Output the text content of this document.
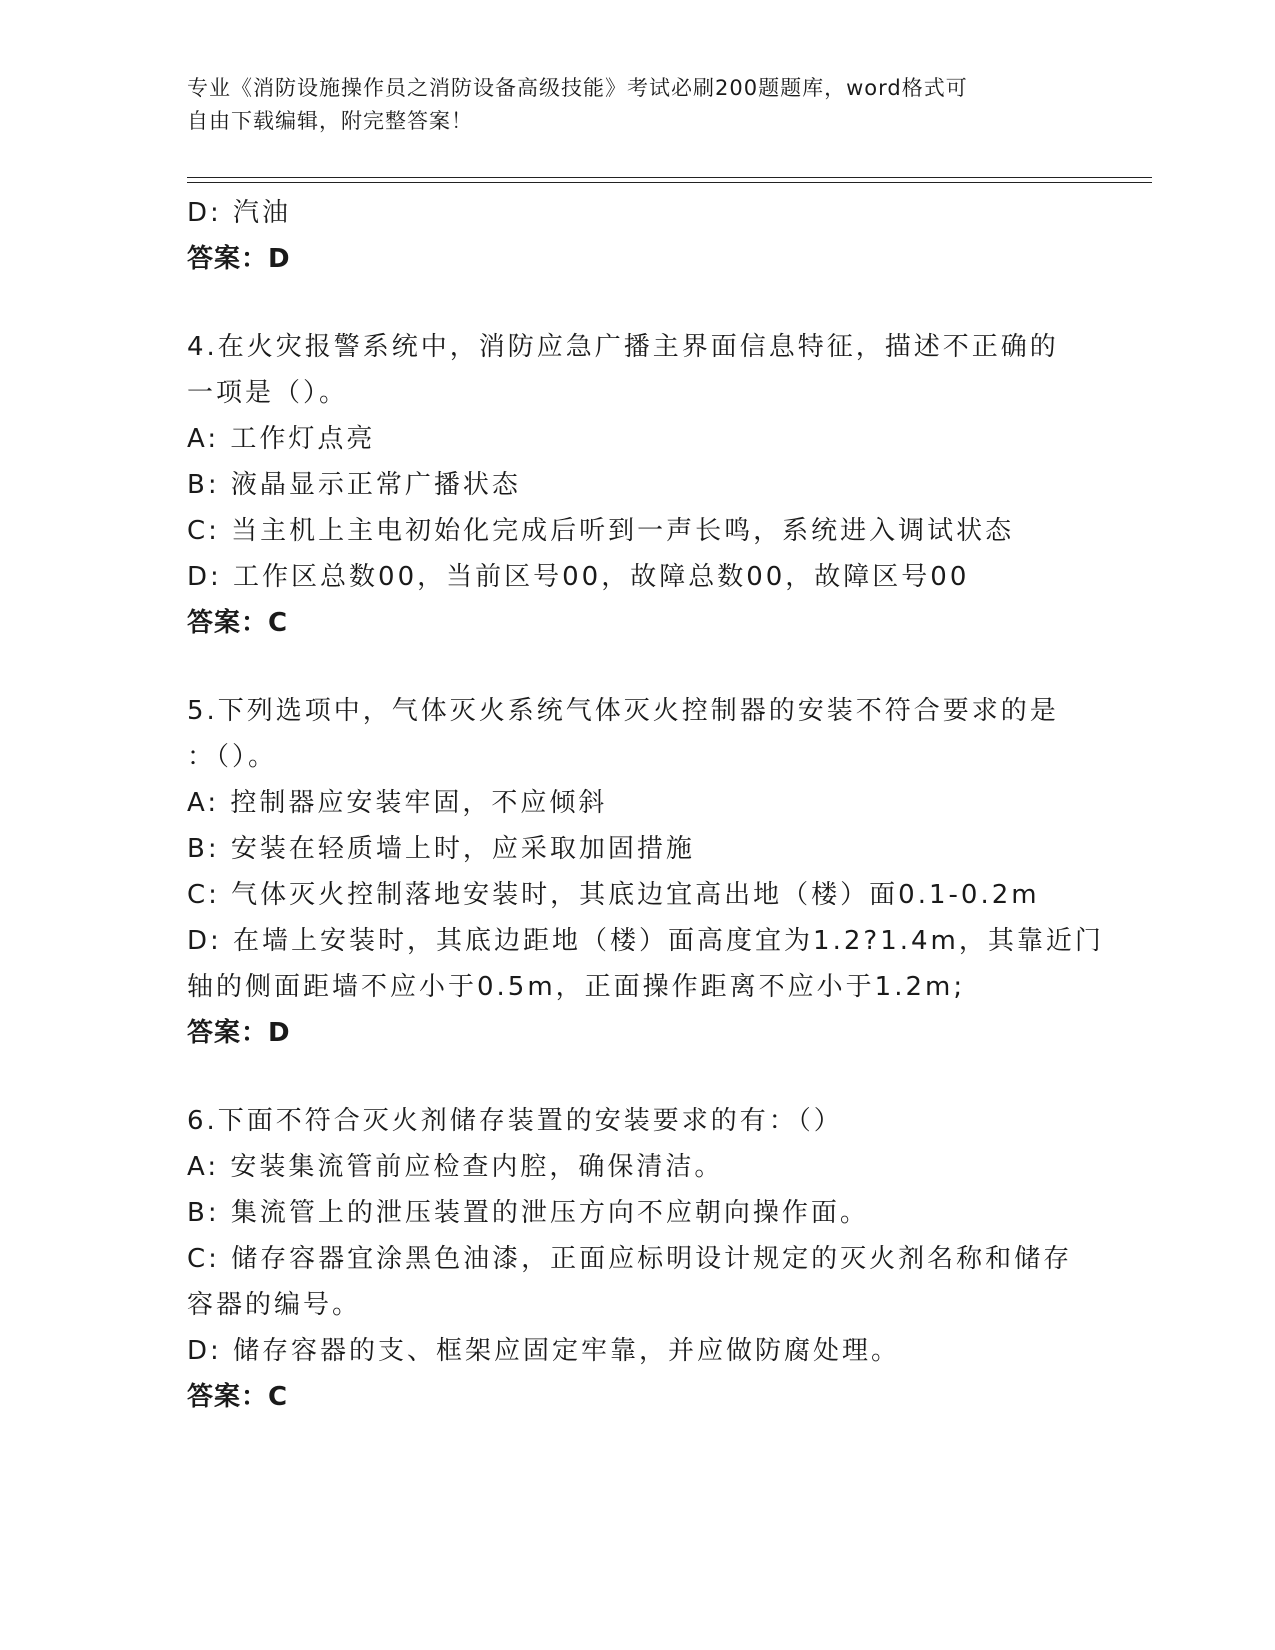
专业《消防设施操作员之消防设备高级技能》考试必刷200题题库，word格式可
自由下载编辑，附完整答案！
D: 汽油
答案：D
4.在火灾报警系统中，消防应急广播主界面信息特征，描述不正确的
一项是（）。
A: 工作灯点亮
B: 液晶显示正常广播状态
C: 当主机上主电初始化完成后听到一声长鸣，系统进入调试状态
D: 工作区总数00，当前区号00，故障总数00，故障区号00
答案：C
5.下列选项中，气体灭火系统气体灭火控制器的安装不符合要求的是
：（）。
A: 控制器应安装牢固，不应倾斜
B: 安装在轻质墙上时，应采取加固措施
C: 气体灭火控制落地安装时，其底边宜高出地（楼）面0.1-0.2m
D: 在墙上安装时，其底边距地（楼）面高度宜为1.2?1.4m，其靠近门
轴的侧面距墙不应小于0.5m，正面操作距离不应小于1.2m;
答案：D
6.下面不符合灭火剂储存装置的安装要求的有：（）
A: 安装集流管前应检查内腔，确保清洁。
B: 集流管上的泄压装置的泄压方向不应朝向操作面。
C: 储存容器宜涂黑色油漆，正面应标明设计规定的灭火剂名称和储存
容器的编号。
D: 储存容器的支、框架应固定牢靠，并应做防腐处理。
答案：C
